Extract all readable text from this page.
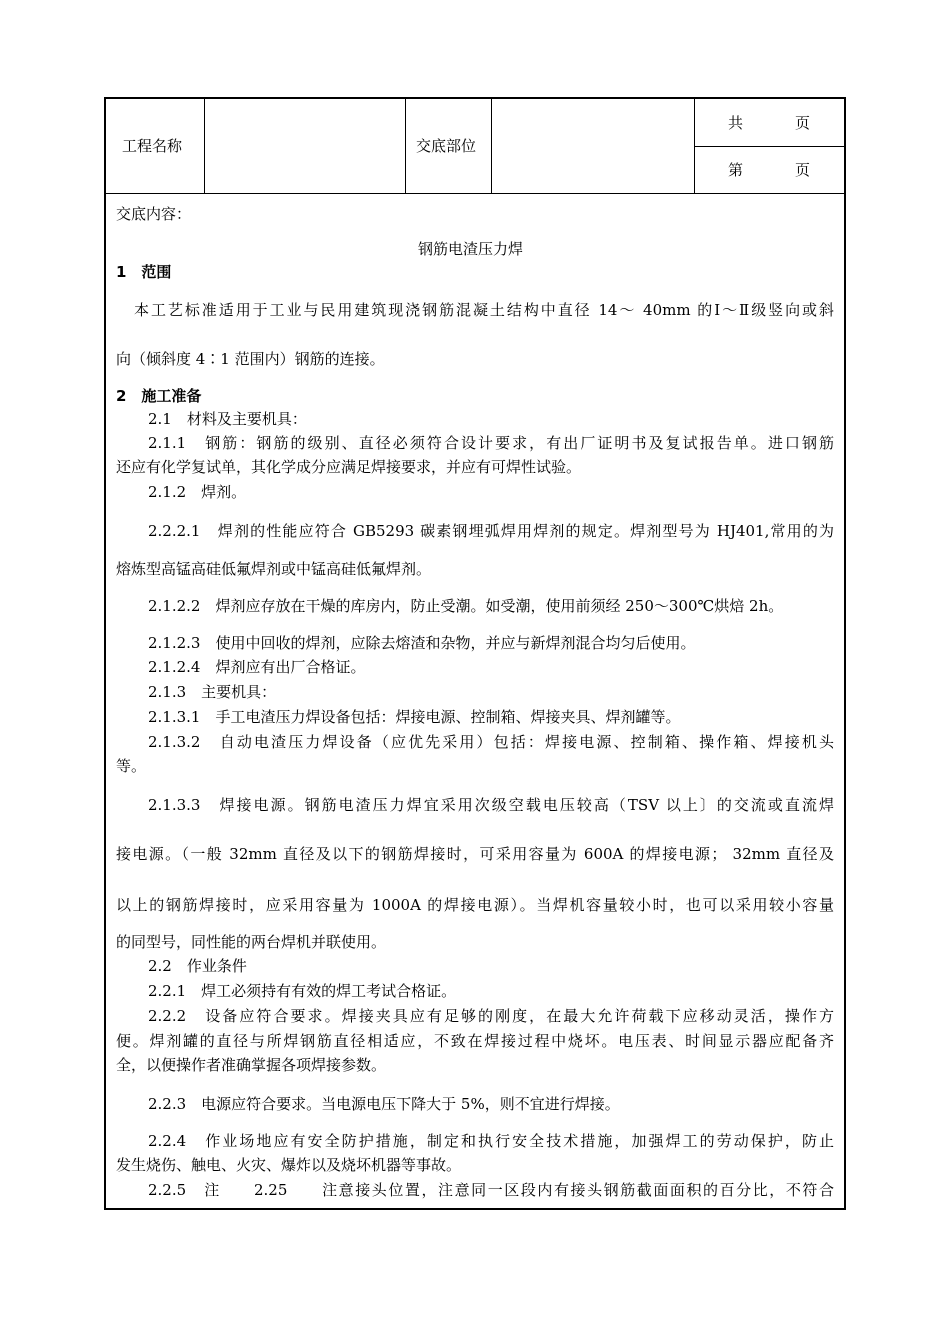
工程名称	交底部位
共	页
第	页
交底内容：
钢筋电渣压力焊
1　范围
本工艺标准适用于工业与民用建筑现浇钢筋混凝土结构中直径 14～ 40mm 的Ⅰ～Ⅱ级竖向或斜
向（倾斜度 4∶1 范围内）钢筋的连接。
2　施工准备
2.1　材料及主要机具：
2.1.1　钢筋：钢筋的级别、直径必须符合设计要求，有出厂证明书及复试报告单。进口钢筋
还应有化学复试单，其化学成分应满足焊接要求，并应有可焊性试验。
2.1.2　焊剂。
2.2.2.1　焊剂的性能应符合 GB5293 碳素钢埋弧焊用焊剂的规定。焊剂型号为 HJ401,常用的为
熔炼型高锰高硅低氟焊剂或中锰高硅低氟焊剂。
2.1.2.2　焊剂应存放在干燥的库房内，防止受潮。如受潮，使用前须经 250～300℃烘焙 2h。
2.1.2.3　使用中回收的焊剂，应除去熔渣和杂物，并应与新焊剂混合均匀后使用。
2.1.2.4　焊剂应有出厂合格证。
2.1.3　主要机具：
2.1.3.1　手工电渣压力焊设备包括：焊接电源、控制箱、焊接夹具、焊剂罐等。
2.1.3.2　自动电渣压力焊设备（应优先采用）包括：焊接电源、控制箱、操作箱、焊接机头
等。
2.1.3.3　焊接电源。钢筋电渣压力焊宜采用次级空载电压较高（TSV 以上〕的交流或直流焊
接电源。（一般 32mm 直径及以下的钢筋焊接时，可采用容量为 600A 的焊接电源； 32mm 直径及
以上的钢筋焊接时，应采用容量为 1000A 的焊接电源）。当焊机容量较小时，也可以采用较小容量
的同型号，同性能的两台焊机并联使用。
2.2　作业条件
2.2.1　焊工必须持有有效的焊工考试合格证。
2.2.2　设备应符合要求。焊接夹具应有足够的刚度，在最大允许荷载下应移动灵活，操作方
便。焊剂罐的直径与所焊钢筋直径相适应，不致在焊接过程中烧坏。电压表、时间显示器应配备齐
全，以便操作者准确掌握各项焊接参数。
2.2.3　电源应符合要求。当电源电压下降大于 5%，则不宜进行焊接。
2.2.4　作业场地应有安全防护措施，制定和执行安全技术措施，加强焊工的劳动保护，防止
发生烧伤、触电、火灾、爆炸以及烧坏机器等事故。
2.2.5　注　　2.25　　注意接头位置，注意同一区段内有接头钢筋截面面积的百分比，不符合
